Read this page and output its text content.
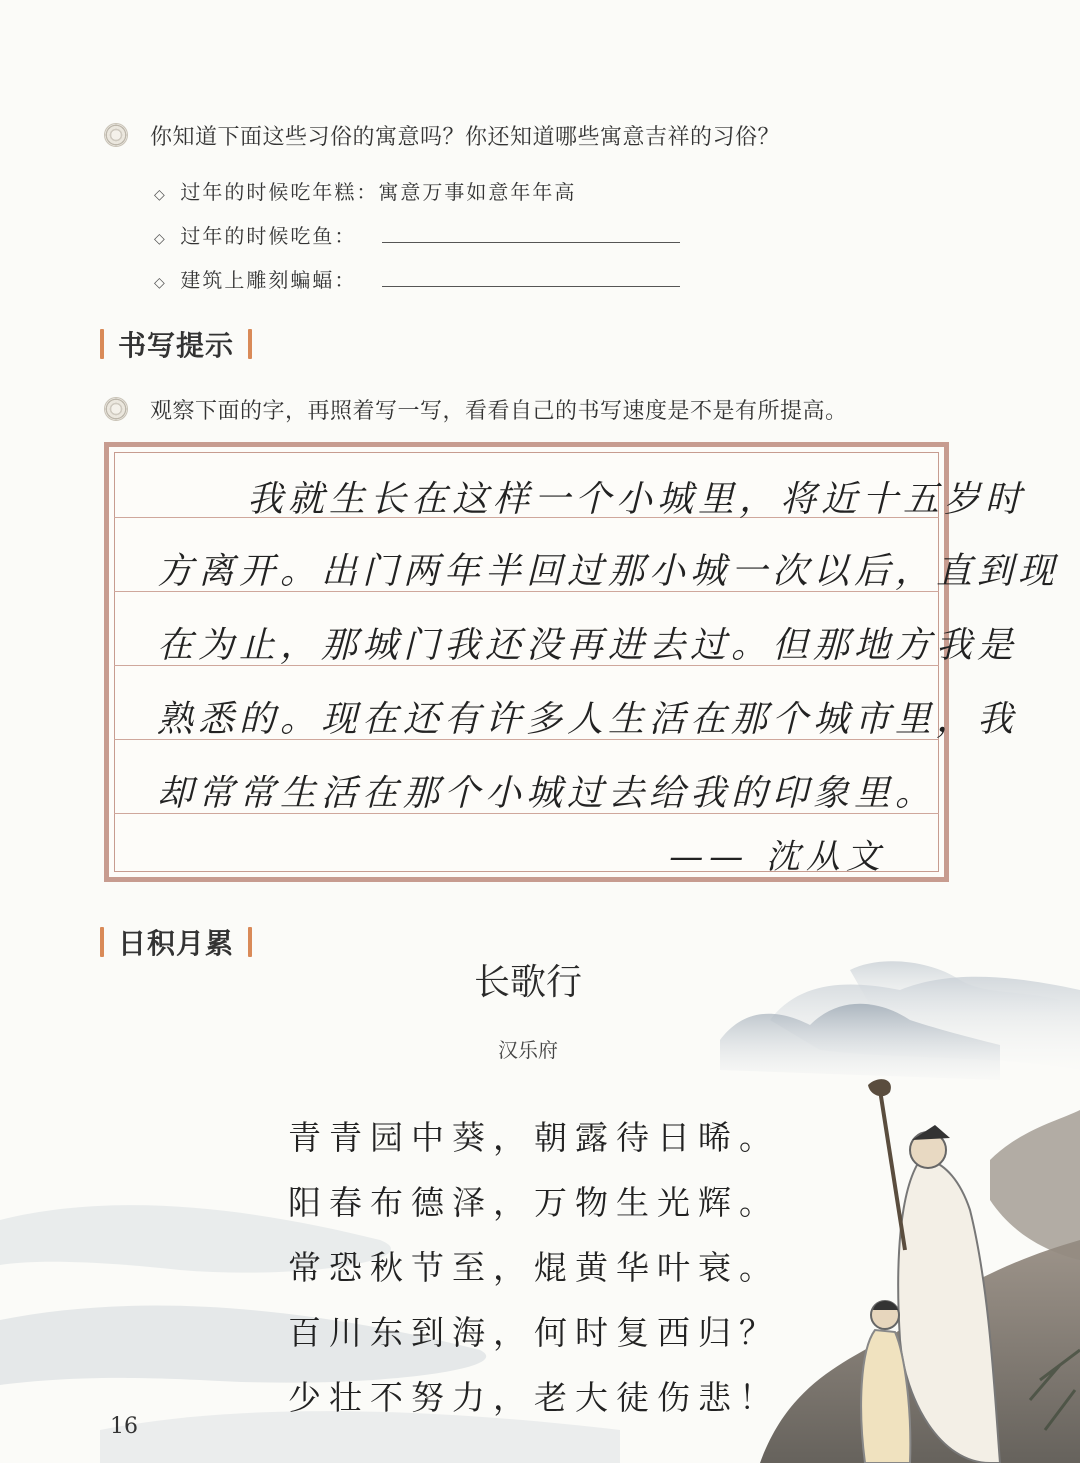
你知道下面这些习俗的寓意吗？你还知道哪些寓意吉祥的习俗？
◇ 过年的时候吃年糕：寓意万事如意年年高
◇ 过年的时候吃鱼：
◇ 建筑上雕刻蝙蝠：
书写提示
观察下面的字，再照着写一写，看看自己的书写速度是不是有所提高。
我就生长在这样一个小城里，将近十五岁时
方离开。出门两年半回过那小城一次以后，直到现
在为止，那城门我还没再进去过。但那地方我是
熟悉的。现在还有许多人生活在那个城市里，我
却常常生活在那个小城过去给我的印象里。
—— 沈从文
日积月累
长歌行
汉乐府
青青园中葵，朝露待日晞。
阳春布德泽，万物生光辉。
常恐秋节至，焜黄华叶衰。
百川东到海，何时复西归？
少壮不努力，老大徒伤悲！
16
